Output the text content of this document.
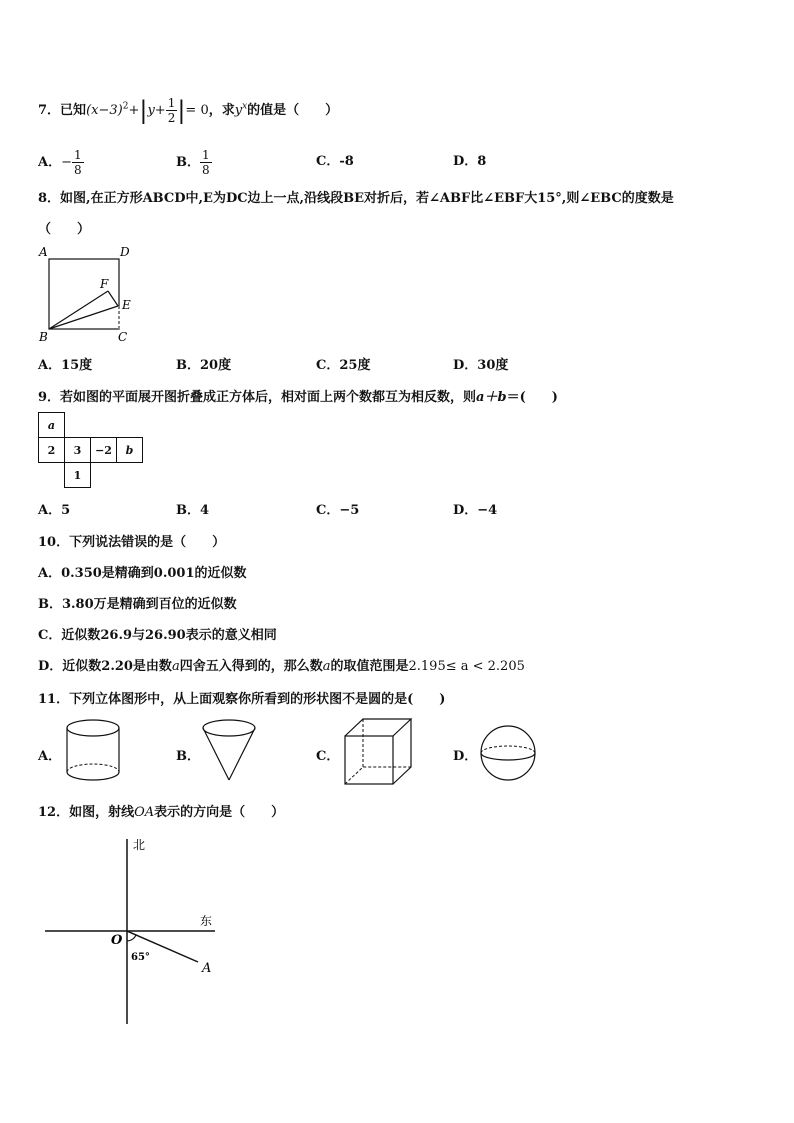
7．已知$(x-3)^2+|y+ \frac{1}{2}$ |= 0，求$y^x$的值是（　　）
A．− $\frac{1}{8}$	B． $\frac{1}{8}$	C．-8	D．8
8．如图,在正方形ABCD中,E为DC边上一点,沿线段BE对折后，若∠ABF比∠EBF大15°,则∠EBC的度数是
（　　）
A	D
B	C
E
F
A．15度	B．20度	C．25度	D．30度
9．若如图的平面展开图折叠成正方体后，相对面上两个数都互为相反数，则a＋b＝(　　)
a			
2	3	−2	b
	1		
A．5	B．4	C．−5	D．−4
10．下列说法错误的是（　　）
A．0.350是精确到0.001的近似数
B．3.80万是精确到百位的近似数
C．近似数26.9与26.90表示的意义相同
D．近似数2.20是由数a四舍五入得到的，那么数a的取值范围是2.195≤ a < 2.205
11．下列立体图形中，从上面观察你所看到的形状图不是圆的是(　　)
A．	B．	C．	D．
12．如图，射线OA表示的方向是（　　）
北
东
O
A
65°
